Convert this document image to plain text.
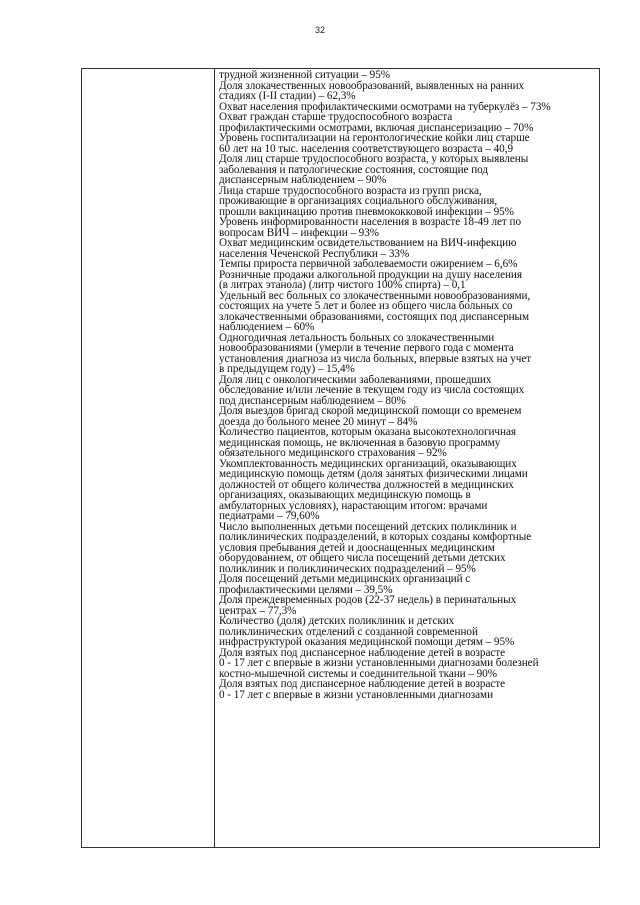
32
трудной жизненной ситуации – 95%
Доля злокачественных новообразований, выявленных на ранних
стадиях (I-II стадии) – 62,3%
Охват населения профилактическими осмотрами на туберкулёз – 73%
Охват граждан старше трудоспособного возраста
профилактическими осмотрами, включая диспансеризацию – 70%
Уровень госпитализации на геронтологические койки лиц старше
60 лет на 10 тыс. населения соответствующего возраста – 40,9
Доля лиц старше трудоспособного возраста, у которых выявлены
заболевания и патологические состояния, состоящие под
диспансерным наблюдением – 90%
Лица старше трудоспособного возраста из групп риска,
проживающие в организациях социального обслуживания,
прошли вакцинацию против пневмококковой инфекции – 95%
Уровень информированности населения в возрасте 18-49 лет по
вопросам ВИЧ – инфекции – 93%
Охват медицинским освидетельствованием на ВИЧ-инфекцию
населения Чеченской Республики – 33%
Темпы прироста первичной заболеваемости ожирением – 6,6%
Розничные продажи алкогольной продукции на душу населения
(в литрах этанола) (литр чистого 100% спирта) – 0,1
Удельный вес больных со злокачественными новообразованиями,
состоящих на учете 5 лет и более из общего числа больных со
злокачественными образованиями, состоящих под диспансерным
наблюдением – 60%
Одногодичная летальность больных со злокачественными
новообразованиями (умерли в течение первого года с момента
установления диагноза из числа больных, впервые взятых на учет
в предыдущем году) – 15,4%
Доля лиц с онкологическими заболеваниями, прошедших
обследование и/или лечение в текущем году из числа состоящих
под диспансерным наблюдением – 80%
Доля выездов бригад скорой медицинской помощи со временем
доезда до больного менее 20 минут – 84%
Количество пациентов, которым оказана высокотехнологичная
медицинская помощь, не включенная в базовую программу
обязательного медицинского страхования – 92%
Укомплектованность медицинских организаций, оказывающих
медицинскую помощь детям (доля занятых физическими лицами
должностей от общего количества должностей в медицинских
организациях, оказывающих медицинскую помощь в
амбулаторных условиях), нарастающим итогом: врачами
педиатрами – 79,60%
Число выполненных детьми посещений детских поликлиник и
поликлинических подразделений, в которых созданы комфортные
условия пребывания детей и дооснащенных медицинским
оборудованием, от общего числа посещений детьми детских
поликлиник и поликлинических подразделений – 95%
Доля посещений детьми медицинских организаций с
профилактическими целями – 39,5%
Доля преждевременных родов (22-37 недель) в перинатальных
центрах – 77,3%
Количество (доля) детских поликлиник и детских
поликлинических отделений с созданной современной
инфраструктурой оказания медицинской помощи детям – 95%
Доля взятых под диспансерное наблюдение детей в возрасте
0 - 17 лет с впервые в жизни установленными диагнозами болезней
костно-мышечной системы и соединительной ткани – 90%
Доля взятых под диспансерное наблюдение детей в возрасте
0 - 17 лет с впервые в жизни установленными диагнозами
